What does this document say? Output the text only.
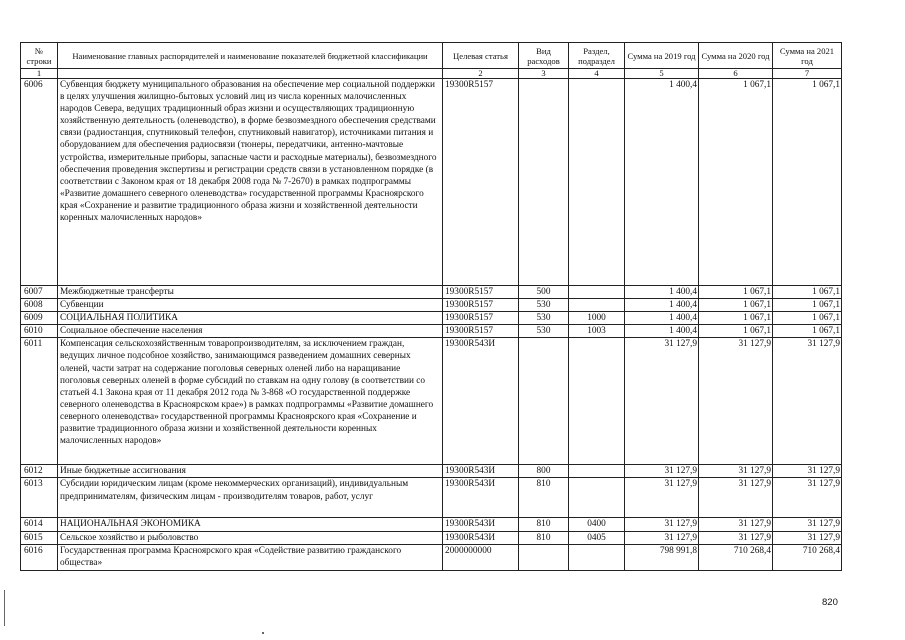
№ строки	Наименование главных распорядителей и наименование показателей бюджетной классификации	Целевая статья	Вид расходов	Раздел, подраздел	Сумма на 2019 год	Сумма на 2020 год	Сумма на 2021 год
1		2	3	4	5	6	7
6006	Субвенция бюджету муниципального образования на обеспечение мер социальной поддержки в целях улучшения жилищно-бытовых условий лиц из числа коренных малочисленных народов Севера, ведущих традиционный образ жизни и осуществляющих традиционную хозяйственную деятельность (оленеводство), в форме безвозмездного обеспечения средствами связи (радиостанция, спутниковый телефон, спутниковый навигатор), источниками питания и оборудованием для обеспечения радиосвязи (тюнеры, передатчики, антенно-мачтовые устройства, измерительные приборы, запасные части и расходные материалы), безвозмездного обеспечения проведения экспертизы и регистрации средств связи в установленном порядке (в соответствии с Законом края от 18 декабря 2008 года № 7-2670) в рамках подпрограммы «Развитие домашнего северного оленеводства» государственной программы Красноярского края «Сохранение и развитие традиционного образа жизни и хозяйственной деятельности коренных малочисленных народов»	19300R5157			1 400,4	1 067,1	1 067,1
6007	Межбюджетные трансферты	19300R5157	500		1 400,4	1 067,1	1 067,1
6008	Субвенции	19300R5157	530		1 400,4	1 067,1	1 067,1
6009	СОЦИАЛЬНАЯ ПОЛИТИКА	19300R5157	530	1000	1 400,4	1 067,1	1 067,1
6010	Социальное обеспечение населения	19300R5157	530	1003	1 400,4	1 067,1	1 067,1
6011	Компенсация сельскохозяйственным товаропроизводителям, за исключением граждан, ведущих личное подсобное хозяйство, занимающимся разведением домашних северных оленей, части затрат на содержание поголовья северных оленей либо на наращивание поголовья северных оленей в форме субсидий по ставкам на одну голову (в соответствии со статьей 4.1 Закона края от 11 декабря 2012 года № 3-868 «О государственной поддержке северного оленеводства в Красноярском крае») в рамках подпрограммы «Развитие домашнего северного оленеводства» государственной программы Красноярского края «Сохранение и развитие традиционного образа жизни и хозяйственной деятельности коренных малочисленных народов»	19300R543И			31 127,9	31 127,9	31 127,9
6012	Иные бюджетные ассигнования	19300R543И	800		31 127,9	31 127,9	31 127,9
6013	Субсидии юридическим лицам (кроме некоммерческих организаций), индивидуальным предпринимателям, физическим лицам - производителям товаров, работ, услуг	19300R543И	810		31 127,9	31 127,9	31 127,9
6014	НАЦИОНАЛЬНАЯ ЭКОНОМИКА	19300R543И	810	0400	31 127,9	31 127,9	31 127,9
6015	Сельское хозяйство и рыболовство	19300R543И	810	0405	31 127,9	31 127,9	31 127,9
6016	Государственная программа Красноярского края «Содействие развитию гражданского общества»	2000000000			798 991,8	710 268,4	710 268,4
820
